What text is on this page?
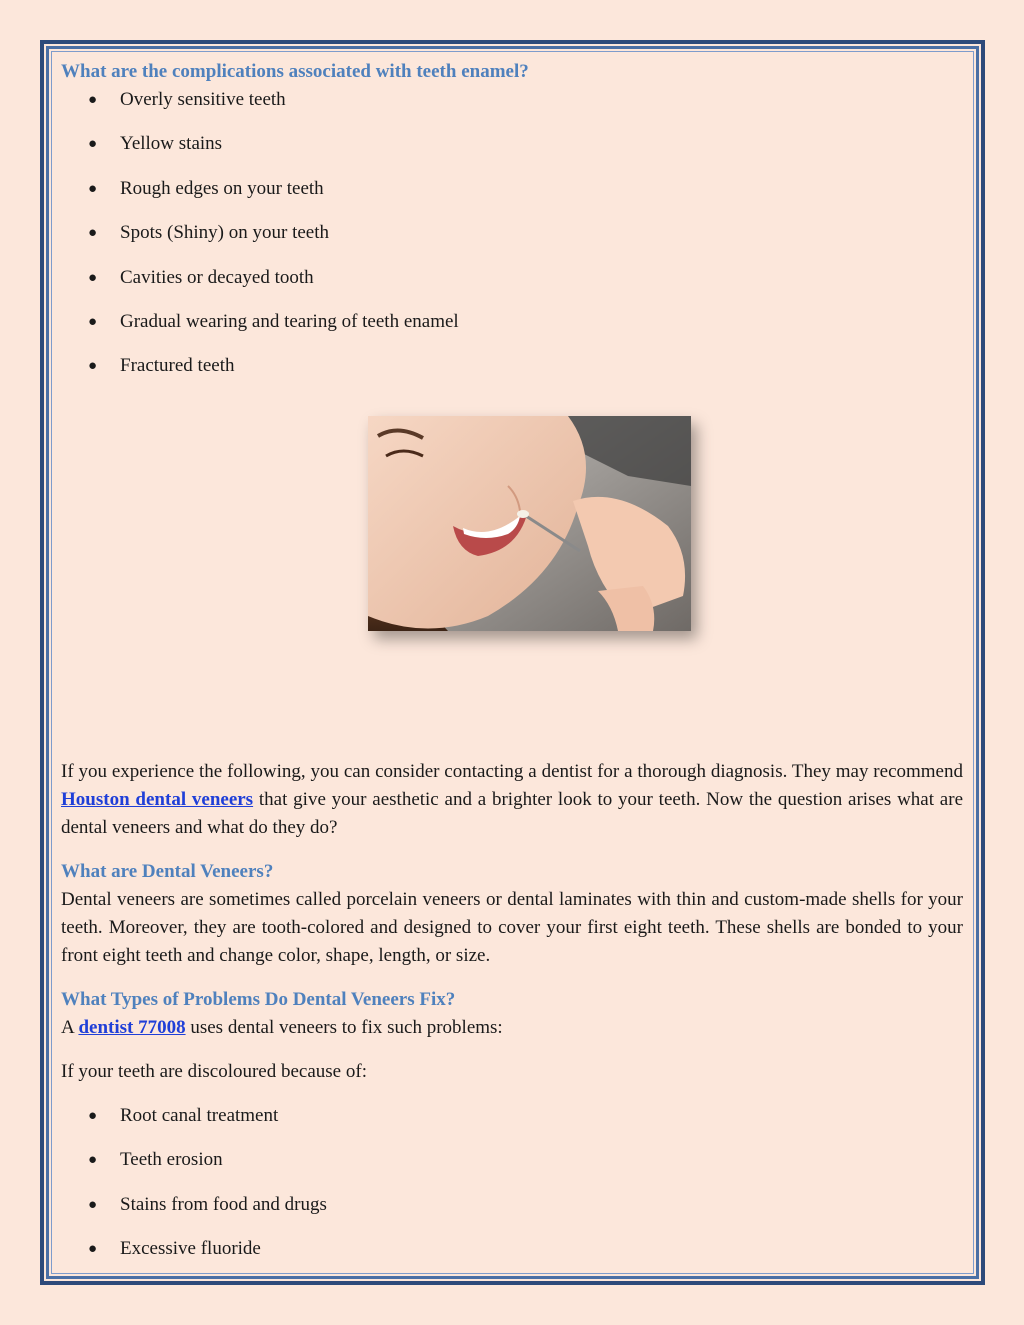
What are the complications associated with teeth enamel?

● Overly sensitive teeth
● Yellow stains
● Rough edges on your teeth
● Spots (Shiny) on your teeth
● Cavities or decayed tooth
● Gradual wearing and tearing of teeth enamel
● Fractured teeth

If you experience the following, you can consider contacting a dentist for a thorough diagnosis. They may recommend Houston dental veneers that give your aesthetic and a brighter look to your teeth. Now the question arises what are dental veneers and what do they do?

What are Dental Veneers?

Dental veneers are sometimes called porcelain veneers or dental laminates with thin and custom-made shells for your teeth. Moreover, they are tooth-colored and designed to cover your first eight teeth. These shells are bonded to your front eight teeth and change color, shape, length, or size.

What Types of Problems Do Dental Veneers Fix?

A dentist 77008 uses dental veneers to fix such problems:

If your teeth are discoloured because of:

● Root canal treatment
● Teeth erosion
● Stains from food and drugs
● Excessive fluoride
